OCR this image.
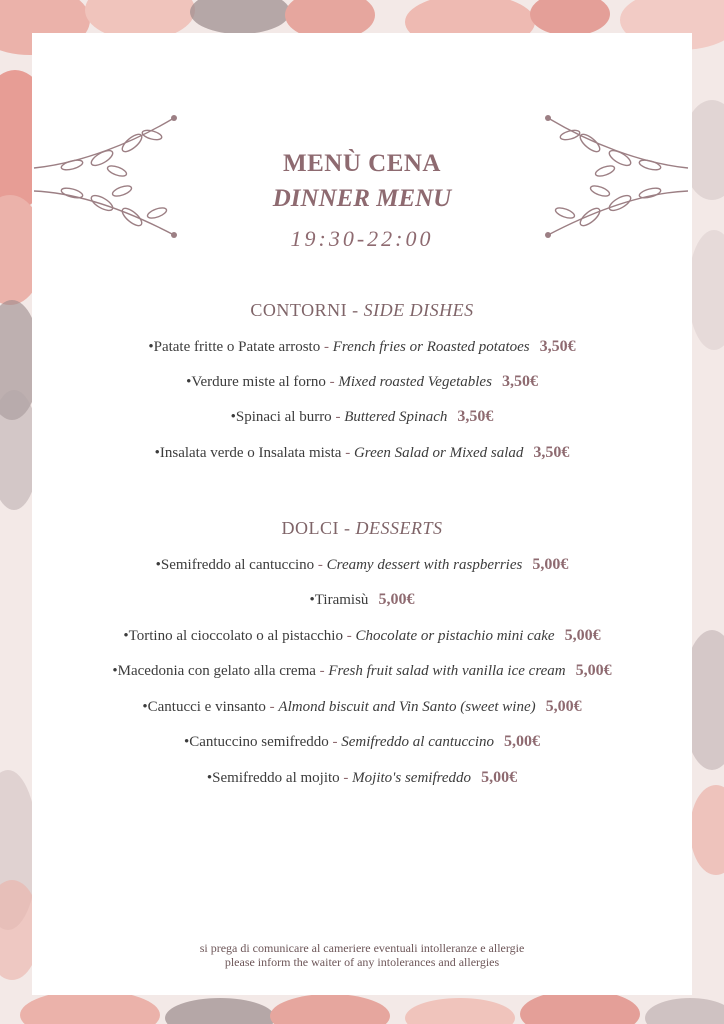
MENÙ CENA
DINNER MENU
19:30-22:00
CONTORNI - SIDE DISHES
•Patate fritte o Patate arrosto - French fries or Roasted potatoes 3,50€
•Verdure miste al forno - Mixed roasted Vegetables 3,50€
•Spinaci al burro - Buttered Spinach 3,50€
•Insalata verde o Insalata mista - Green Salad or Mixed salad 3,50€
DOLCI - DESSERTS
•Semifreddo al cantuccino - Creamy dessert with raspberries 5,00€
•Tiramisù 5,00€
•Tortino al cioccolato o al pistacchio - Chocolate or pistachio mini cake 5,00€
•Macedonia con gelato alla crema - Fresh fruit salad with vanilla ice cream 5,00€
•Cantucci e vinsanto - Almond biscuit and Vin Santo (sweet wine) 5,00€
•Cantuccino semifreddo - Semifreddo al cantuccino 5,00€
•Semifreddo al mojito - Mojito's semifreddo 5,00€
si prega di comunicare al cameriere eventuali intolleranze e allergie
please inform the waiter of any intolerances and allergies
